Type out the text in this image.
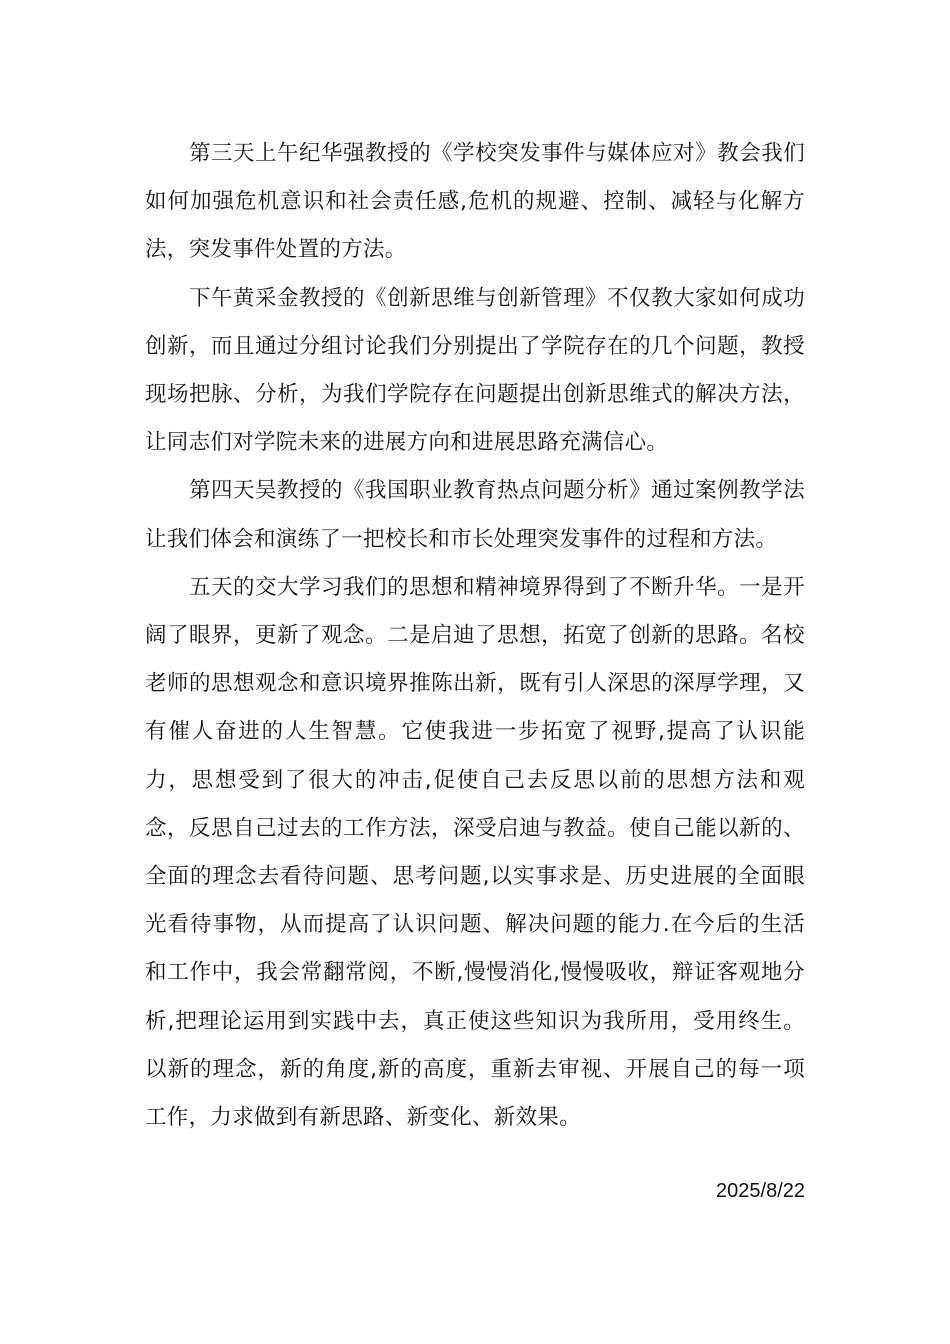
第三天上午纪华强教授的《学校突发事件与媒体应对》教会我们如何加强危机意识和社会责任感,危机的规避、控制、减轻与化解方法，突发事件处置的方法。

下午黄采金教授的《创新思维与创新管理》不仅教大家如何成功创新，而且通过分组讨论我们分别提出了学院存在的几个问题，教授现场把脉、分析，为我们学院存在问题提出创新思维式的解决方法，让同志们对学院未来的进展方向和进展思路充满信心。

第四天吴教授的《我国职业教育热点问题分析》通过案例教学法让我们体会和演练了一把校长和市长处理突发事件的过程和方法。

五天的交大学习我们的思想和精神境界得到了不断升华。一是开阔了眼界，更新了观念。二是启迪了思想，拓宽了创新的思路。名校老师的思想观念和意识境界推陈出新，既有引人深思的深厚学理，又有催人奋进的人生智慧。它使我进一步拓宽了视野,提高了认识能力，思想受到了很大的冲击,促使自己去反思以前的思想方法和观念，反思自己过去的工作方法，深受启迪与教益。使自己能以新的、全面的理念去看待问题、思考问题,以实事求是、历史进展的全面眼光看待事物，从而提高了认识问题、解决问题的能力.在今后的生活和工作中，我会常翻常阅，不断,慢慢消化,慢慢吸收，辩证客观地分析,把理论运用到实践中去，真正使这些知识为我所用，受用终生。以新的理念，新的角度,新的高度，重新去审视、开展自己的每一项工作，力求做到有新思路、新变化、新效果。

2025/8/22
